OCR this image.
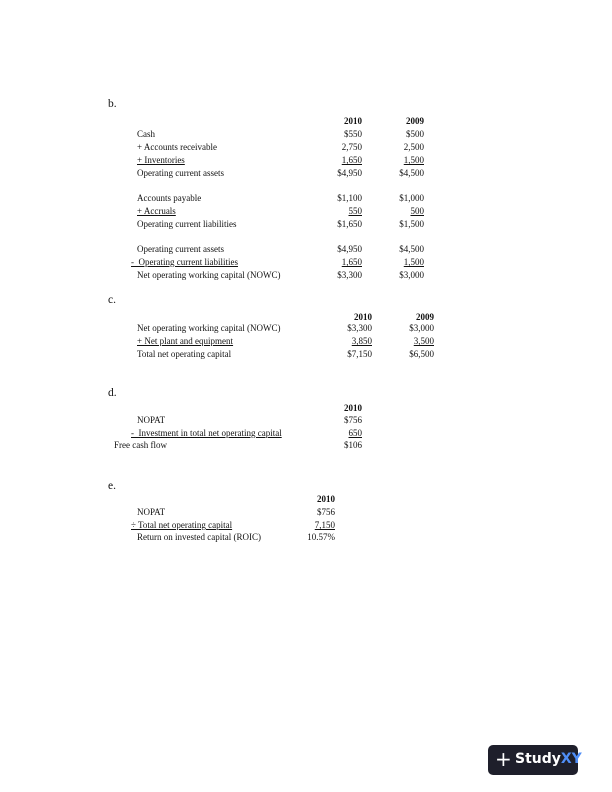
b.
2010	2009
Cash	$550	$500
+ Accounts receivable	2,750	2,500
+ Inventories	1,650	1,500
Operating current assets	$4,950	$4,500
Accounts payable	$1,100	$1,000
+ Accruals	550	500
Operating current liabilities	$1,650	$1,500
Operating current assets	$4,950	$4,500
-  Operating current liabilities	1,650	1,500
Net operating working capital (NOWC)	$3,300	$3,000
c.
2010	2009
Net operating working capital (NOWC)	$3,300	$3,000
+ Net plant and equipment	3,850	3,500
Total net operating capital	$7,150	$6,500
d.
2010
NOPAT	$756
-  Investment in total net operating capital	650
Free cash flow	$106
e.
2010
NOPAT	$756
÷ Total net operating capital	7,150
Return on invested capital (ROIC)	10.57%
+ StudyXY
